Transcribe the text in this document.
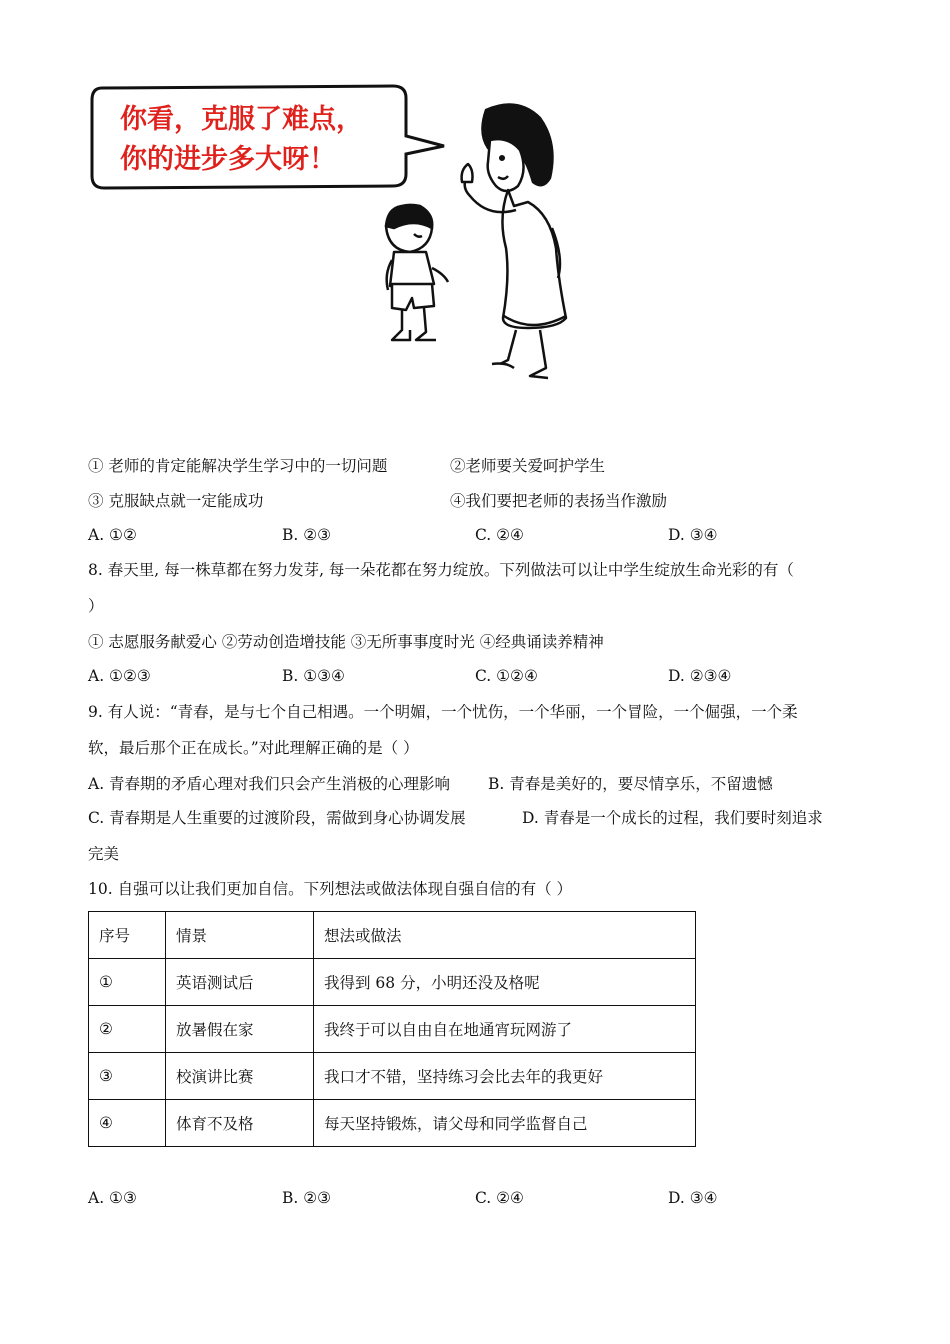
你看，克服了难点，
你的进步多大呀！
① 老师的肯定能解决学生学习中的一切问题	②老师要关爱呵护学生
③ 克服缺点就一定能成功	④我们要把老师的表扬当作激励
A. ①②	B. ②③	C. ②④	D. ③④
8. 春天里, 每一株草都在努力发芽, 每一朵花都在努力绽放。下列做法可以让中学生绽放生命光彩的有（
）
① 志愿服务献爱心 ②劳动创造增技能 ③无所事事度时光 ④经典诵读养精神
A. ①②③	B. ①③④	C. ①②④	D. ②③④
9. 有人说：“青春，是与七个自己相遇。一个明媚，一个忧伤，一个华丽，一个冒险，一个倔强，一个柔
软，最后那个正在成长。”对此理解正确的是（ ）
A. 青春期的矛盾心理对我们只会产生消极的心理影响 B. 青春是美好的，要尽情享乐，不留遗憾
C. 青春期是人生重要的过渡阶段，需做到身心协调发展	D. 青春是一个成长的过程，我们要时刻追求
完美
10. 自强可以让我们更加自信。下列想法或做法体现自强自信的有（ ）
序号	情景	想法或做法
①	英语测试后	我得到 68 分，小明还没及格呢
②	放暑假在家	我终于可以自由自在地通宵玩网游了
③	校演讲比赛	我口才不错，坚持练习会比去年的我更好
④	体育不及格	每天坚持锻炼，请父母和同学监督自己
A. ①③	B. ②③	C. ②④	D. ③④
